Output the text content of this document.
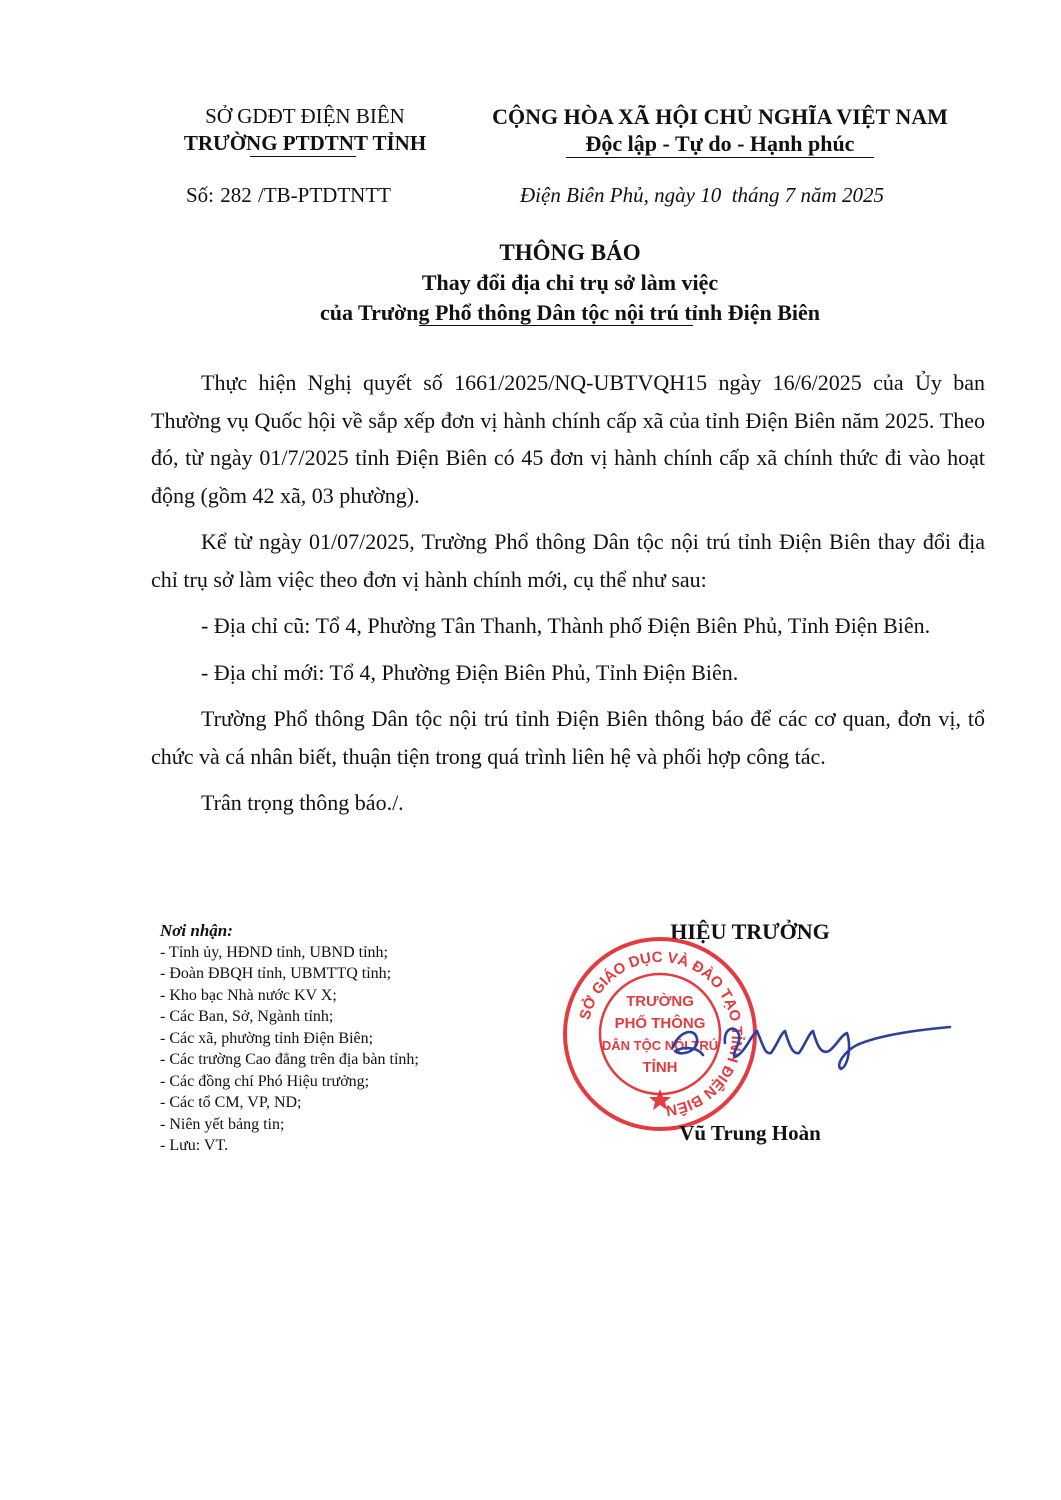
SỞ GDĐT ĐIỆN BIÊN
TRƯỜNG PTDTNT TỈNH
CỘNG HÒA XÃ HỘI CHỦ NGHĨA VIỆT NAM
Độc lập - Tự do - Hạnh phúc
Số: 282 /TB-PTDTNTT	Điện Biên Phủ, ngày 10  tháng 7 năm 2025
THÔNG BÁO
Thay đổi địa chỉ trụ sở làm việc
của Trường Phổ thông Dân tộc nội trú tỉnh Điện Biên

Thực hiện Nghị quyết số 1661/2025/NQ-UBTVQH15 ngày 16/6/2025 của Ủy ban Thường vụ Quốc hội về sắp xếp đơn vị hành chính cấp xã của tỉnh Điện Biên năm 2025. Theo đó, từ ngày 01/7/2025 tỉnh Điện Biên có 45 đơn vị hành chính cấp xã chính thức đi vào hoạt động (gồm 42 xã, 03 phường).

Kể từ ngày 01/07/2025, Trường Phổ thông Dân tộc nội trú tỉnh Điện Biên thay đổi địa chỉ trụ sở làm việc theo đơn vị hành chính mới, cụ thể như sau:

- Địa chỉ cũ: Tổ 4, Phường Tân Thanh, Thành phố Điện Biên Phủ, Tỉnh Điện Biên.

- Địa chỉ mới: Tổ 4, Phường Điện Biên Phủ, Tỉnh Điện Biên.

Trường Phổ thông Dân tộc nội trú tỉnh Điện Biên thông báo để các cơ quan, đơn vị, tổ chức và cá nhân biết, thuận tiện trong quá trình liên hệ và phối hợp công tác.

Trân trọng thông báo./.

Nơi nhận:
- Tỉnh ủy, HĐND tỉnh, UBND tỉnh;
- Đoàn ĐBQH tỉnh, UBMTTQ tỉnh;
- Kho bạc Nhà nước KV X;
- Các Ban, Sở, Ngành tỉnh;
- Các xã, phường tỉnh Điện Biên;
- Các trường Cao đẳng trên địa bàn tỉnh;
- Các đồng chí Phó Hiệu trưởng;
- Các tổ CM, VP, ND;
- Niên yết bảng tin;
- Lưu: VT.
HIỆU TRƯỞNG
SỞ GIÁO DỤC VÀ ĐÀO TẠO TỈNH ĐIỆN BIÊN
TRƯỜNG
PHỔ THÔNG
DÂN TỘC NỘI TRÚ
TỈNH
Vũ Trung Hoàn
